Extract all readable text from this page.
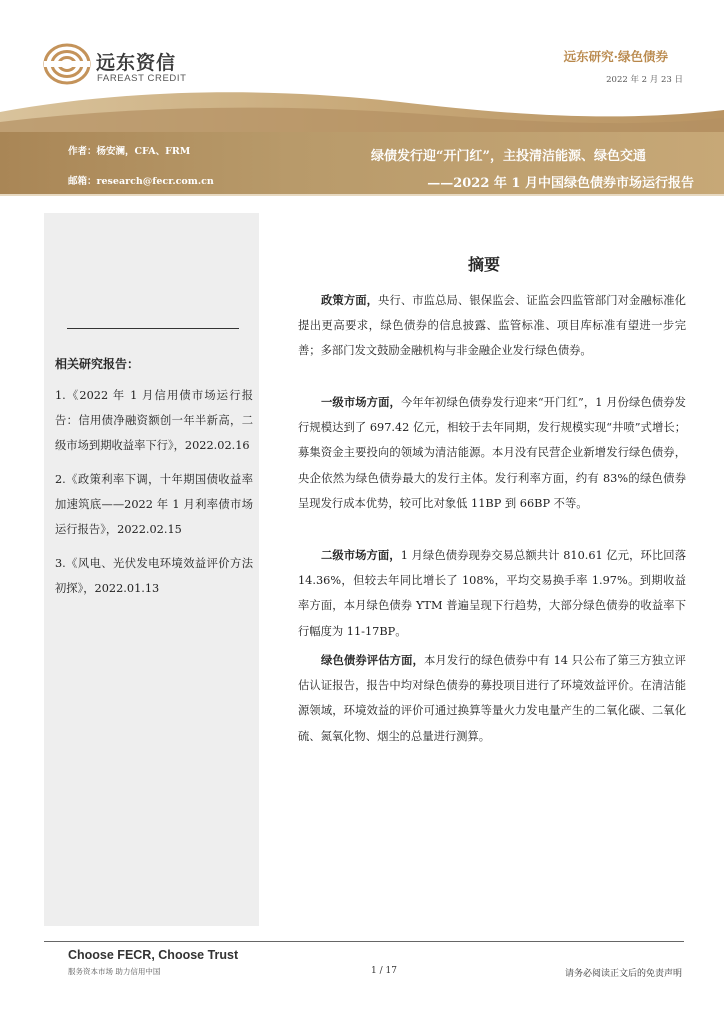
远东资信
FAREAST CREDIT
远东研究·绿色债券
2022 年 2 月 23 日
作者：杨安澜，CFA、FRM
邮箱：research@fecr.com.cn
绿债发行迎“开门红”，主投清洁能源、绿色交通
——2022 年 1 月中国绿色债券市场运行报告
相关研究报告：
1.《2022 年 1 月信用债市场运行报告：信用债净融资额创一年半新高，二级市场到期收益率下行》，2022.02.16
2.《政策利率下调，十年期国债收益率加速筑底——2022 年 1 月利率债市场运行报告》，2022.02.15
3.《风电、光伏发电环境效益评价方法初探》，2022.01.13
摘要
政策方面，央行、市监总局、银保监会、证监会四监管部门对金融标准化提出更高要求，绿色债券的信息披露、监管标准、项目库标准有望进一步完善；多部门发文鼓励金融机构与非金融企业发行绿色债券。
一级市场方面，今年年初绿色债券发行迎来“开门红”，1 月份绿色债券发行规模达到了 697.42 亿元，相较于去年同期，发行规模实现“井喷”式增长；募集资金主要投向的领域为清洁能源。本月没有民营企业新增发行绿色债券，央企依然为绿色债券最大的发行主体。发行利率方面，约有 83%的绿色债券呈现发行成本优势，较可比对象低 11BP 到 66BP 不等。
二级市场方面，1 月绿色债券现券交易总额共计 810.61 亿元，环比回落 14.36%，但较去年同比增长了 108%，平均交易换手率 1.97%。到期收益率方面，本月绿色债券 YTM 普遍呈现下行趋势，大部分绿色债券的收益率下行幅度为 11-17BP。
绿色债券评估方面，本月发行的绿色债券中有 14 只公布了第三方独立评估认证报告，报告中均对绿色债券的募投项目进行了环境效益评价。在清洁能源领域，环境效益的评价可通过换算等量火力发电量产生的二氧化碳、二氧化硫、氮氧化物、烟尘的总量进行测算。
Choose FECR, Choose Trust
服务资本市场 助力信用中国	1 / 17	请务必阅读正文后的免责声明
